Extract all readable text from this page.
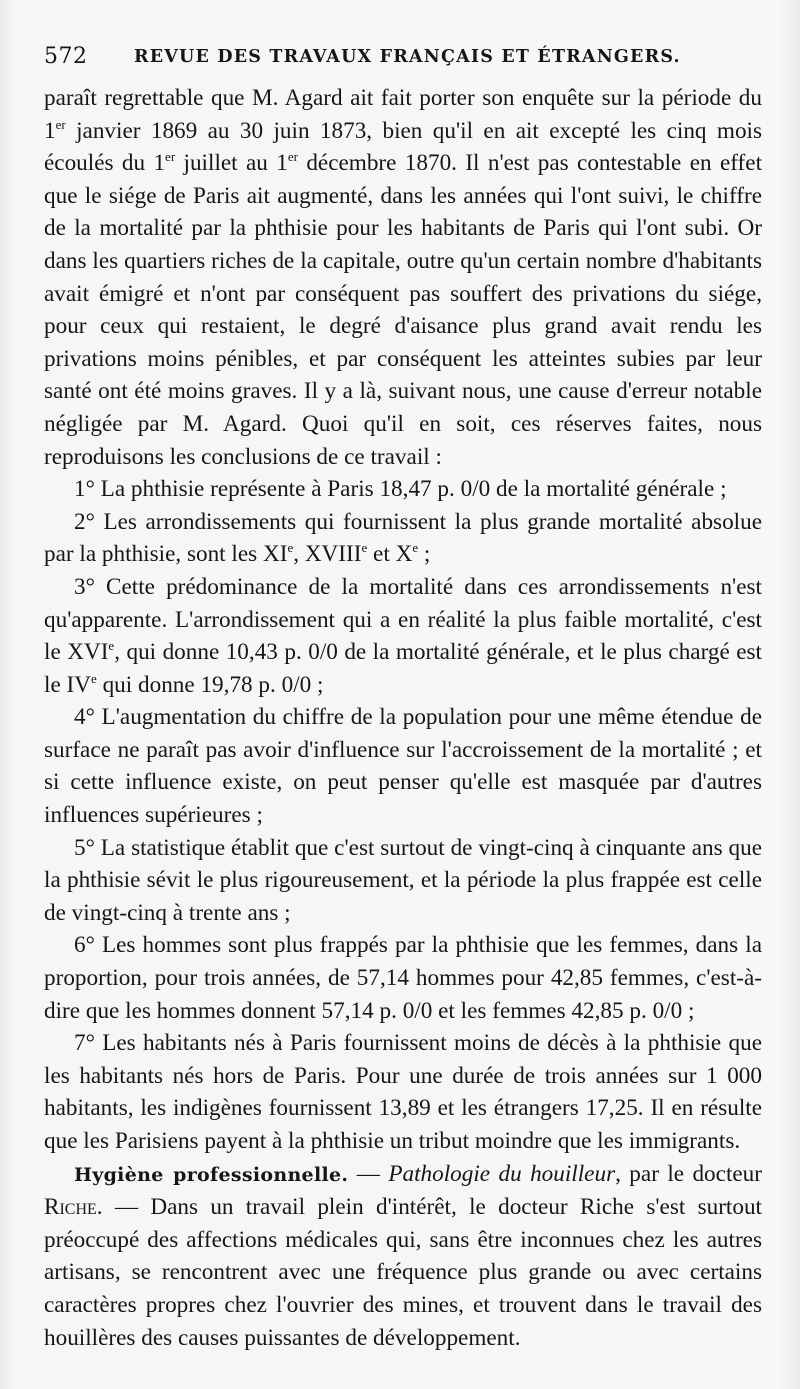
572	REVUE DES TRAVAUX FRANÇAIS ET ÉTRANGERS.

paraît regrettable que M. Agard ait fait porter son enquête sur la période du 1er janvier 1869 au 30 juin 1873, bien qu'il en ait excepté les cinq mois écoulés du 1er juillet au 1er décembre 1870. Il n'est pas contestable en effet que le siége de Paris ait augmenté, dans les années qui l'ont suivi, le chiffre de la mortalité par la phthisie pour les habitants de Paris qui l'ont subi. Or dans les quartiers riches de la capitale, outre qu'un certain nombre d'habitants avait émigré et n'ont par conséquent pas souffert des privations du siége, pour ceux qui restaient, le degré d'aisance plus grand avait rendu les privations moins pénibles, et par conséquent les atteintes subies par leur santé ont été moins graves. Il y a là, suivant nous, une cause d'erreur notable négligée par M. Agard. Quoi qu'il en soit, ces réserves faites, nous reproduisons les conclusions de ce travail :

1° La phthisie représente à Paris 18,47 p. 0/0 de la mortalité générale ;

2° Les arrondissements qui fournissent la plus grande mortalité absolue par la phthisie, sont les XIe, XVIIIe et Xe ;

3° Cette prédominance de la mortalité dans ces arrondissements n'est qu'apparente. L'arrondissement qui a en réalité la plus faible mortalité, c'est le XVIe, qui donne 10,43 p. 0/0 de la mortalité générale, et le plus chargé est le IVe qui donne 19,78 p. 0/0 ;

4° L'augmentation du chiffre de la population pour une même étendue de surface ne paraît pas avoir d'influence sur l'accroissement de la mortalité ; et si cette influence existe, on peut penser qu'elle est masquée par d'autres influences supérieures ;

5° La statistique établit que c'est surtout de vingt-cinq à cinquante ans que la phthisie sévit le plus rigoureusement, et la période la plus frappée est celle de vingt-cinq à trente ans ;

6° Les hommes sont plus frappés par la phthisie que les femmes, dans la proportion, pour trois années, de 57,14 hommes pour 42,85 femmes, c'est-à-dire que les hommes donnent 57,14 p. 0/0 et les femmes 42,85 p. 0/0 ;

7° Les habitants nés à Paris fournissent moins de décès à la phthisie que les habitants nés hors de Paris. Pour une durée de trois années sur 1 000 habitants, les indigènes fournissent 13,89 et les étrangers 17,25. Il en résulte que les Parisiens payent à la phthisie un tribut moindre que les immigrants.

Hygiène professionnelle. — Pathologie du houilleur, par le docteur Riche. — Dans un travail plein d'intérêt, le docteur Riche s'est surtout préoccupé des affections médicales qui, sans être inconnues chez les autres artisans, se rencontrent avec une fréquence plus grande ou avec certains caractères propres chez l'ouvrier des mines, et trouvent dans le travail des houillères des causes puissantes de développement.
